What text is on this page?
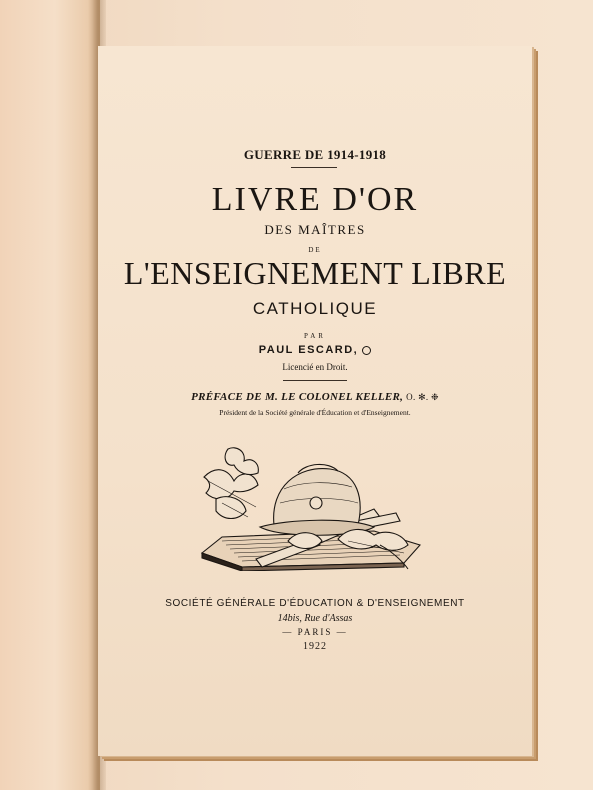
GUERRE DE 1914-1918
LIVRE D'OR
DES MAÎTRES
DE
L'ENSEIGNEMENT LIBRE
CATHOLIQUE
PAR
PAUL ESCARD,
Licencié en Droit.
PRÉFACE DE M. LE COLONEL KELLER, O. ✻. ❉
Président de la Société générale d'Éducation et d'Enseignement.
SOCIÉTÉ GÉNÉRALE D'ÉDUCATION & D'ENSEIGNEMENT
14bis, Rue d'Assas
— PARIS —
1922
